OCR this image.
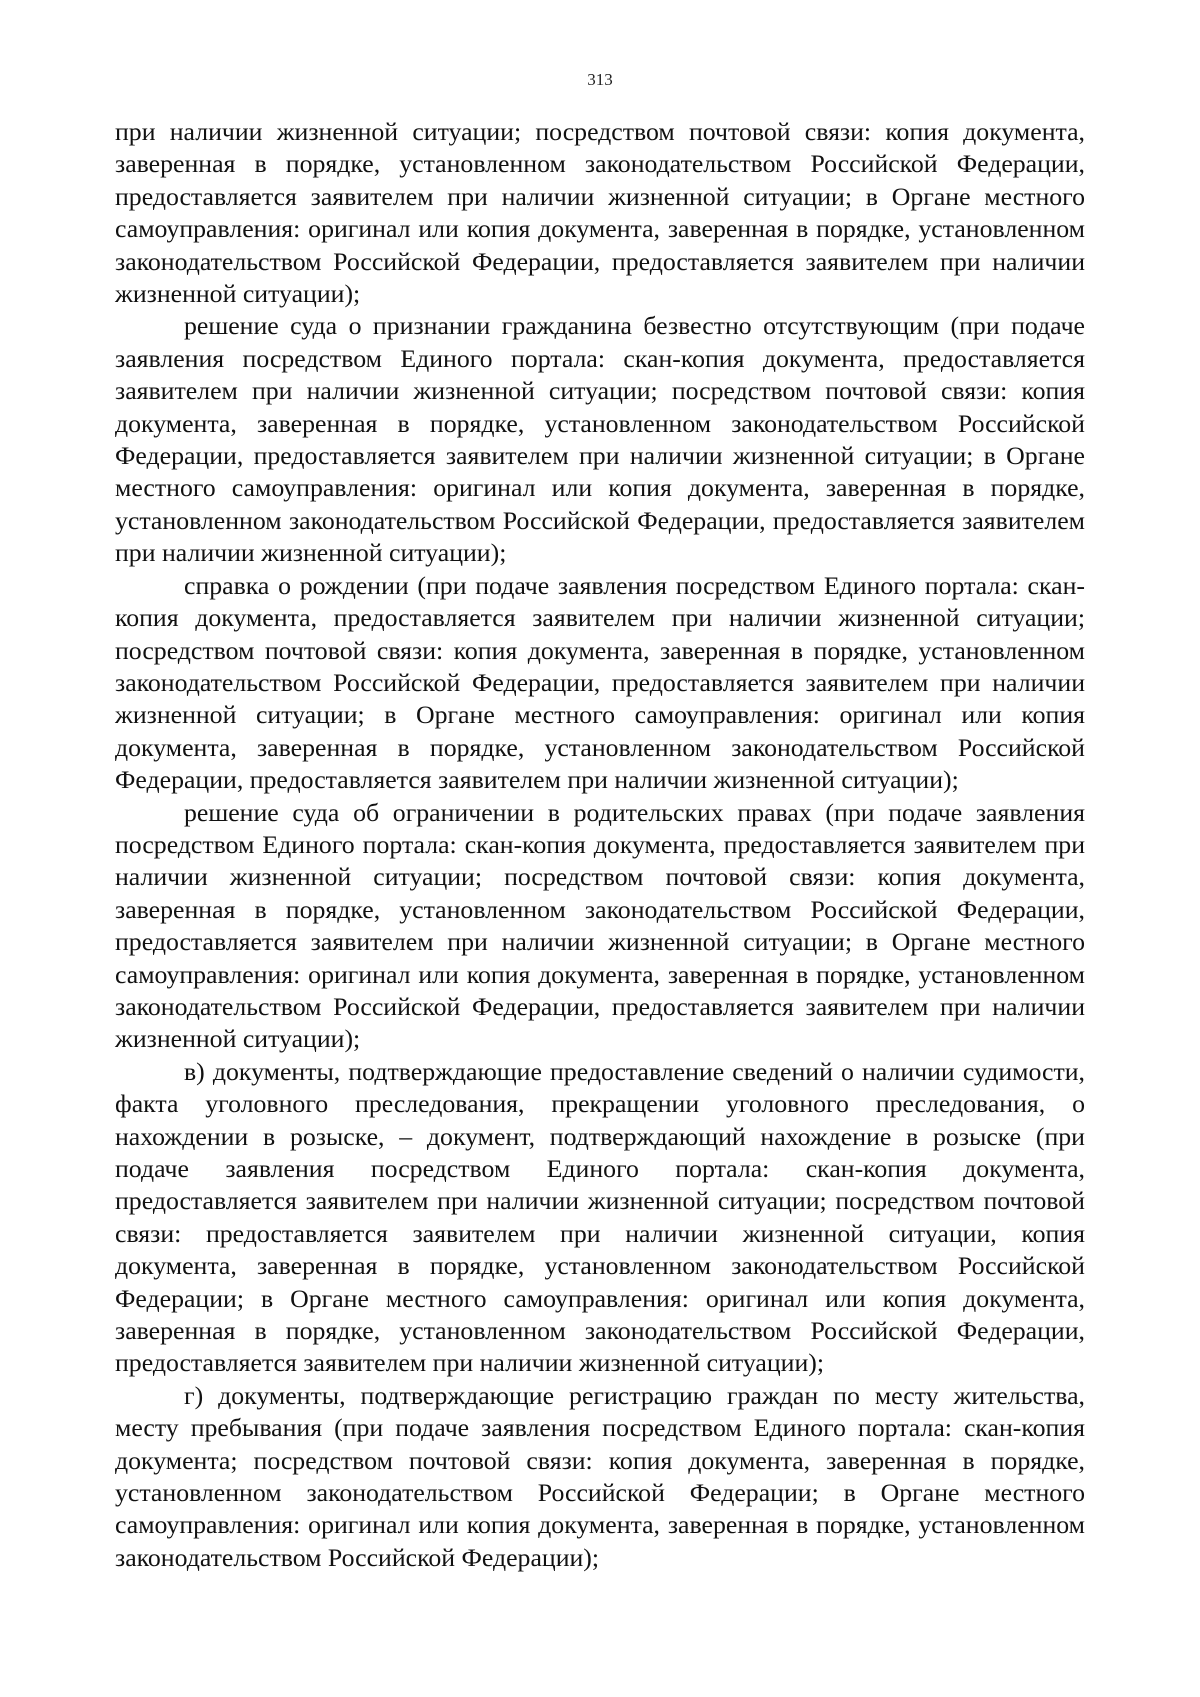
313

при наличии жизненной ситуации; посредством почтовой связи: копия документа, заверенная в порядке, установленном законодательством Российской Федерации, предоставляется заявителем при наличии жизненной ситуации; в Органе местного самоуправления: оригинал или копия документа, заверенная в порядке, установленном законодательством Российской Федерации, предоставляется заявителем при наличии жизненной ситуации);

решение суда о признании гражданина безвестно отсутствующим (при подаче заявления посредством Единого портала: скан-копия документа, предоставляется заявителем при наличии жизненной ситуации; посредством почтовой связи: копия документа, заверенная в порядке, установленном законодательством Российской Федерации, предоставляется заявителем при наличии жизненной ситуации; в Органе местного самоуправления: оригинал или копия документа, заверенная в порядке, установленном законодательством Российской Федерации, предоставляется заявителем при наличии жизненной ситуации);

справка о рождении (при подаче заявления посредством Единого портала: скан-копия документа, предоставляется заявителем при наличии жизненной ситуации; посредством почтовой связи: копия документа, заверенная в порядке, установленном законодательством Российской Федерации, предоставляется заявителем при наличии жизненной ситуации; в Органе местного самоуправления: оригинал или копия документа, заверенная в порядке, установленном законодательством Российской Федерации, предоставляется заявителем при наличии жизненной ситуации);

решение суда об ограничении в родительских правах (при подаче заявления посредством Единого портала: скан-копия документа, предоставляется заявителем при наличии жизненной ситуации; посредством почтовой связи: копия документа, заверенная в порядке, установленном законодательством Российской Федерации, предоставляется заявителем при наличии жизненной ситуации; в Органе местного самоуправления: оригинал или копия документа, заверенная в порядке, установленном законодательством Российской Федерации, предоставляется заявителем при наличии жизненной ситуации);

в) документы, подтверждающие предоставление сведений о наличии судимости, факта уголовного преследования, прекращении уголовного преследования, о нахождении в розыске, – документ, подтверждающий нахождение в розыске (при подаче заявления посредством Единого портала: скан-копия документа, предоставляется заявителем при наличии жизненной ситуации; посредством почтовой связи: предоставляется заявителем при наличии жизненной ситуации, копия документа, заверенная в порядке, установленном законодательством Российской Федерации; в Органе местного самоуправления: оригинал или копия документа, заверенная в порядке, установленном законодательством Российской Федерации, предоставляется заявителем при наличии жизненной ситуации);

г) документы, подтверждающие регистрацию граждан по месту жительства, месту пребывания (при подаче заявления посредством Единого портала: скан-копия документа; посредством почтовой связи: копия документа, заверенная в порядке, установленном законодательством Российской Федерации; в Органе местного самоуправления: оригинал или копия документа, заверенная в порядке, установленном законодательством Российской Федерации);
